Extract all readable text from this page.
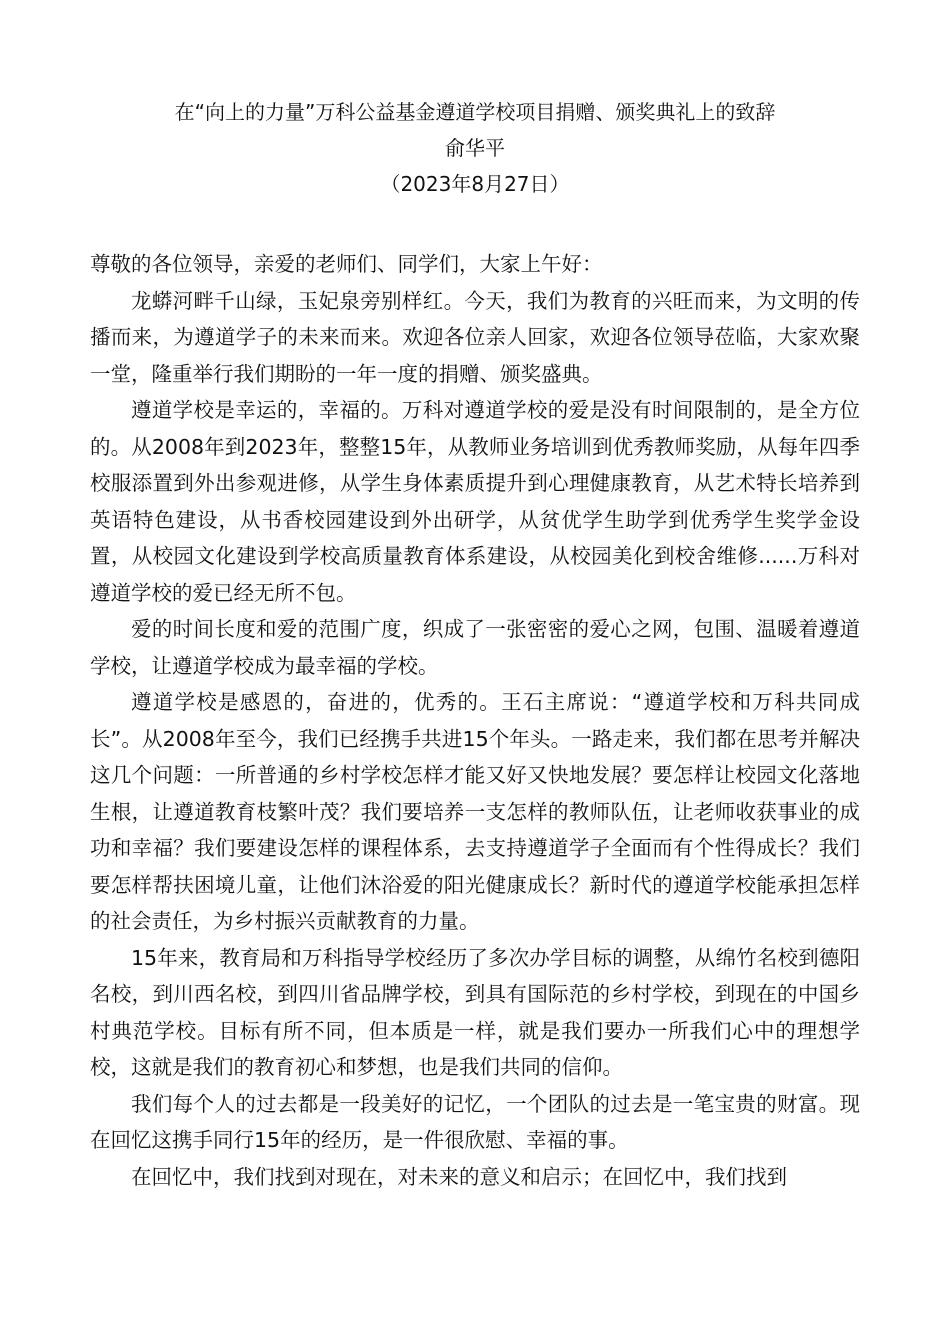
在“向上的力量”万科公益基金遵道学校项目捐赠、颁奖典礼上的致辞

俞华平

（2023年8月27日）

尊敬的各位领导，亲爱的老师们、同学们，大家上午好：

龙蟒河畔千山绿，玉妃泉旁别样红。今天，我们为教育的兴旺而来，为文明的传播而来，为遵道学子的未来而来。欢迎各位亲人回家，欢迎各位领导莅临，大家欢聚一堂，隆重举行我们期盼的一年一度的捐赠、颁奖盛典。

遵道学校是幸运的，幸福的。万科对遵道学校的爱是没有时间限制的，是全方位的。从2008年到2023年，整整15年，从教师业务培训到优秀教师奖励，从每年四季校服添置到外出参观进修，从学生身体素质提升到心理健康教育，从艺术特长培养到英语特色建设，从书香校园建设到外出研学，从贫优学生助学到优秀学生奖学金设置，从校园文化建设到学校高质量教育体系建设，从校园美化到校舍维修......万科对遵道学校的爱已经无所不包。

爱的时间长度和爱的范围广度，织成了一张密密的爱心之网，包围、温暖着遵道学校，让遵道学校成为最幸福的学校。

遵道学校是感恩的，奋进的，优秀的。王石主席说：“遵道学校和万科共同成长”。从2008年至今，我们已经携手共进15个年头。一路走来，我们都在思考并解决这几个问题：一所普通的乡村学校怎样才能又好又快地发展？要怎样让校园文化落地生根，让遵道教育枝繁叶茂？我们要培养一支怎样的教师队伍，让老师收获事业的成功和幸福？我们要建设怎样的课程体系，去支持遵道学子全面而有个性得成长？我们要怎样帮扶困境儿童，让他们沐浴爱的阳光健康成长？新时代的遵道学校能承担怎样的社会责任，为乡村振兴贡献教育的力量。

15年来，教育局和万科指导学校经历了多次办学目标的调整，从绵竹名校到德阳名校，到川西名校，到四川省品牌学校，到具有国际范的乡村学校，到现在的中国乡村典范学校。目标有所不同，但本质是一样，就是我们要办一所我们心中的理想学校，这就是我们的教育初心和梦想，也是我们共同的信仰。

我们每个人的过去都是一段美好的记忆，一个团队的过去是一笔宝贵的财富。现在回忆这携手同行15年的经历，是一件很欣慰、幸福的事。

在回忆中，我们找到对现在，对未来的意义和启示；在回忆中，我们找到
